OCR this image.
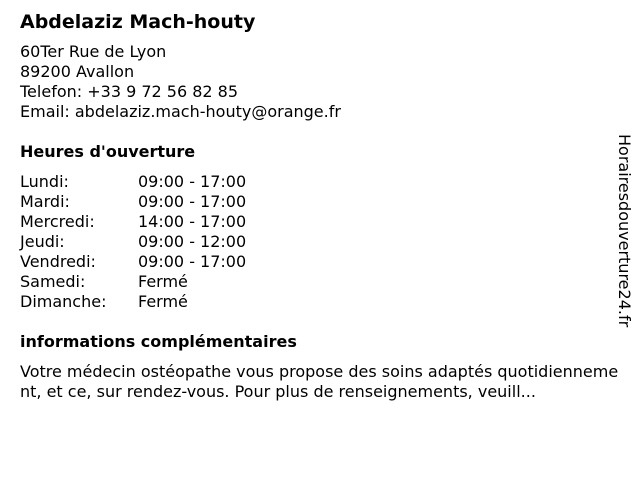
Abdelaziz Mach-houty
60Ter Rue de Lyon
89200 Avallon
Telefon: +33 9 72 56 82 85
Email: abdelaziz.mach-houty@orange.fr
Heures d'ouverture
Lundi:	09:00 - 17:00
Mardi:	09:00 - 17:00
Mercredi:	14:00 - 17:00
Jeudi:	09:00 - 12:00
Vendredi:	09:00 - 17:00
Samedi:	Fermé
Dimanche:	Fermé
informations complémentaires
Votre médecin ostéopathe vous propose des soins adaptés quotidiennement, et ce, sur rendez-vous. Pour plus de renseignements, veuill...
Horairesdouverture24.fr
